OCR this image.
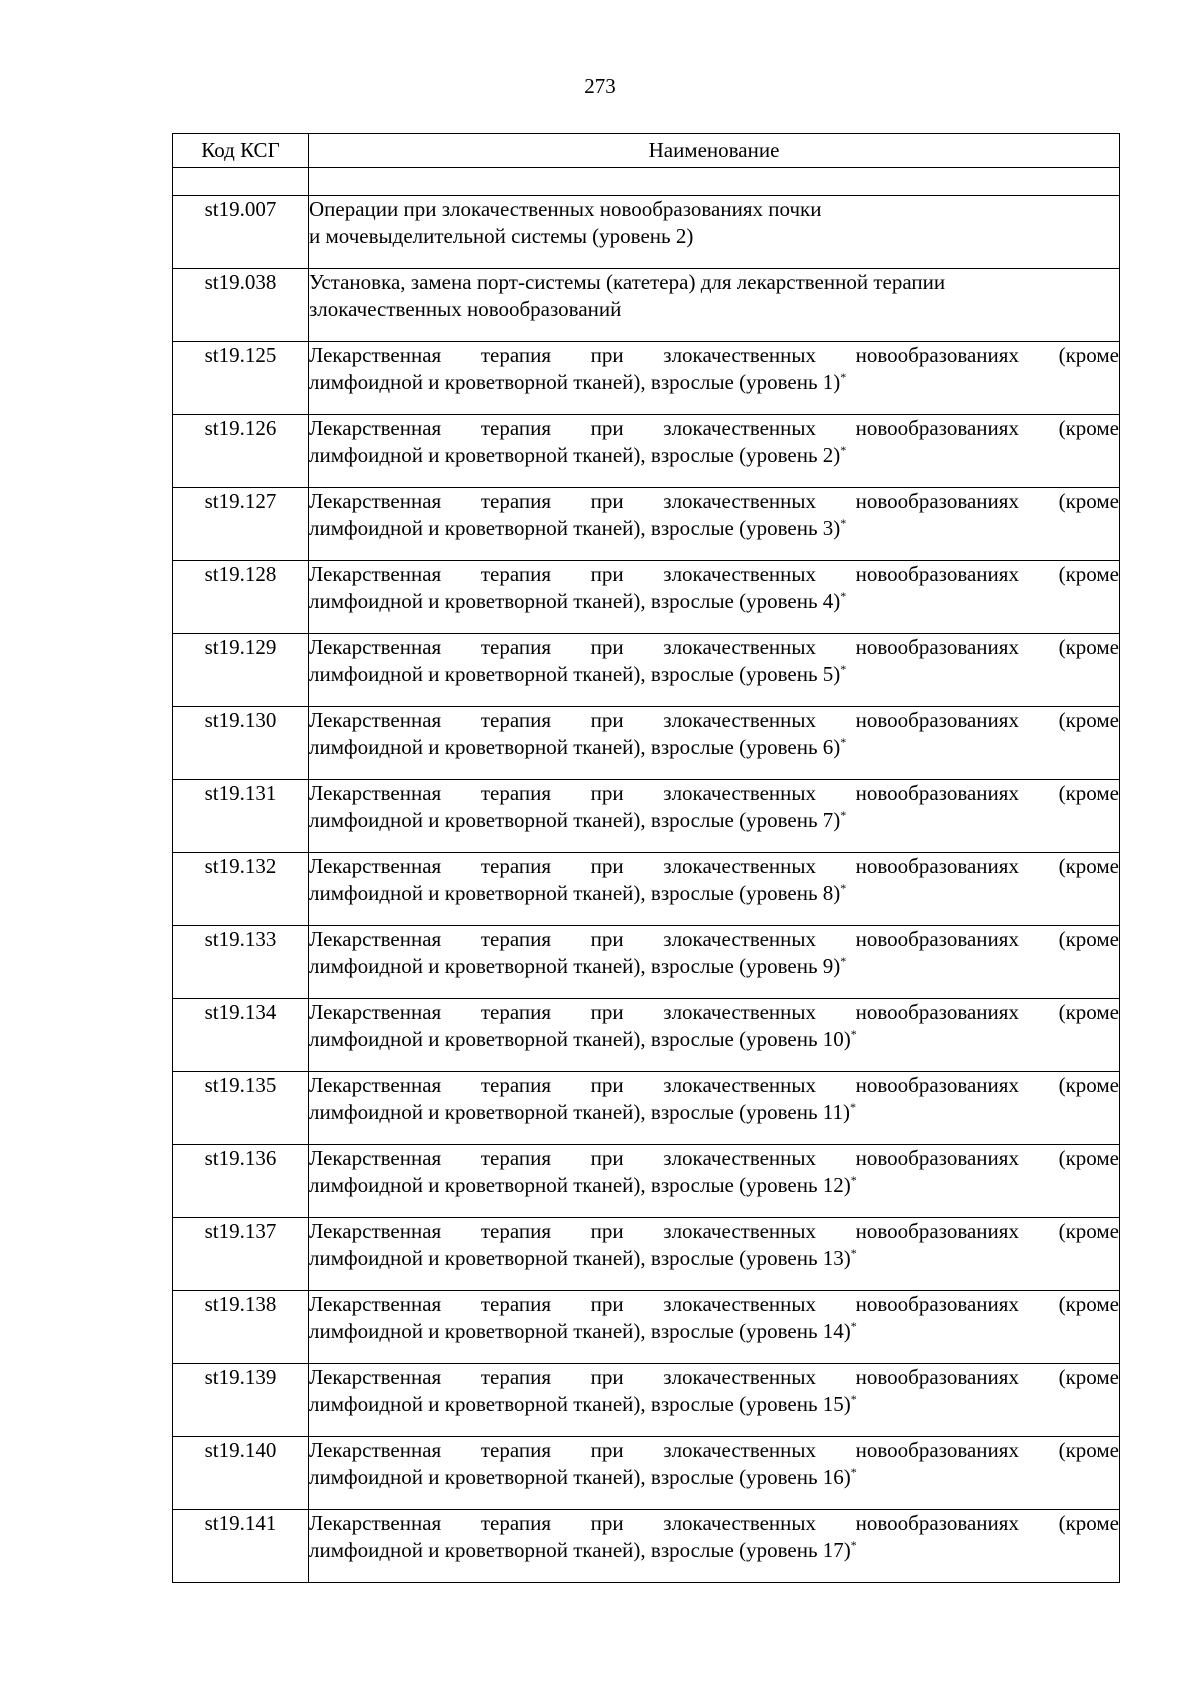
273
Код КСГ	Наименование

st19.007	Операции при злокачественных новообразованиях почки
и мочевыделительной системы (уровень 2)

st19.038	Установка, замена порт-системы (катетера) для лекарственной терапии
злокачественных новообразований

st19.125	Лекарственная терапия при злокачественных новообразованиях (кроме
лимфоидной и кроветворной тканей), взрослые (уровень 1)*

st19.126	Лекарственная терапия при злокачественных новообразованиях (кроме
лимфоидной и кроветворной тканей), взрослые (уровень 2)*

st19.127	Лекарственная терапия при злокачественных новообразованиях (кроме
лимфоидной и кроветворной тканей), взрослые (уровень 3)*

st19.128	Лекарственная терапия при злокачественных новообразованиях (кроме
лимфоидной и кроветворной тканей), взрослые (уровень 4)*

st19.129	Лекарственная терапия при злокачественных новообразованиях (кроме
лимфоидной и кроветворной тканей), взрослые (уровень 5)*

st19.130	Лекарственная терапия при злокачественных новообразованиях (кроме
лимфоидной и кроветворной тканей), взрослые (уровень 6)*

st19.131	Лекарственная терапия при злокачественных новообразованиях (кроме
лимфоидной и кроветворной тканей), взрослые (уровень 7)*

st19.132	Лекарственная терапия при злокачественных новообразованиях (кроме
лимфоидной и кроветворной тканей), взрослые (уровень 8)*

st19.133	Лекарственная терапия при злокачественных новообразованиях (кроме
лимфоидной и кроветворной тканей), взрослые (уровень 9)*

st19.134	Лекарственная терапия при злокачественных новообразованиях (кроме
лимфоидной и кроветворной тканей), взрослые (уровень 10)*

st19.135	Лекарственная терапия при злокачественных новообразованиях (кроме
лимфоидной и кроветворной тканей), взрослые (уровень 11)*

st19.136	Лекарственная терапия при злокачественных новообразованиях (кроме
лимфоидной и кроветворной тканей), взрослые (уровень 12)*

st19.137	Лекарственная терапия при злокачественных новообразованиях (кроме
лимфоидной и кроветворной тканей), взрослые (уровень 13)*

st19.138	Лекарственная терапия при злокачественных новообразованиях (кроме
лимфоидной и кроветворной тканей), взрослые (уровень 14)*

st19.139	Лекарственная терапия при злокачественных новообразованиях (кроме
лимфоидной и кроветворной тканей), взрослые (уровень 15)*

st19.140	Лекарственная терапия при злокачественных новообразованиях (кроме
лимфоидной и кроветворной тканей), взрослые (уровень 16)*

st19.141	Лекарственная терапия при злокачественных новообразованиях (кроме
лимфоидной и кроветворной тканей), взрослые (уровень 17)*
